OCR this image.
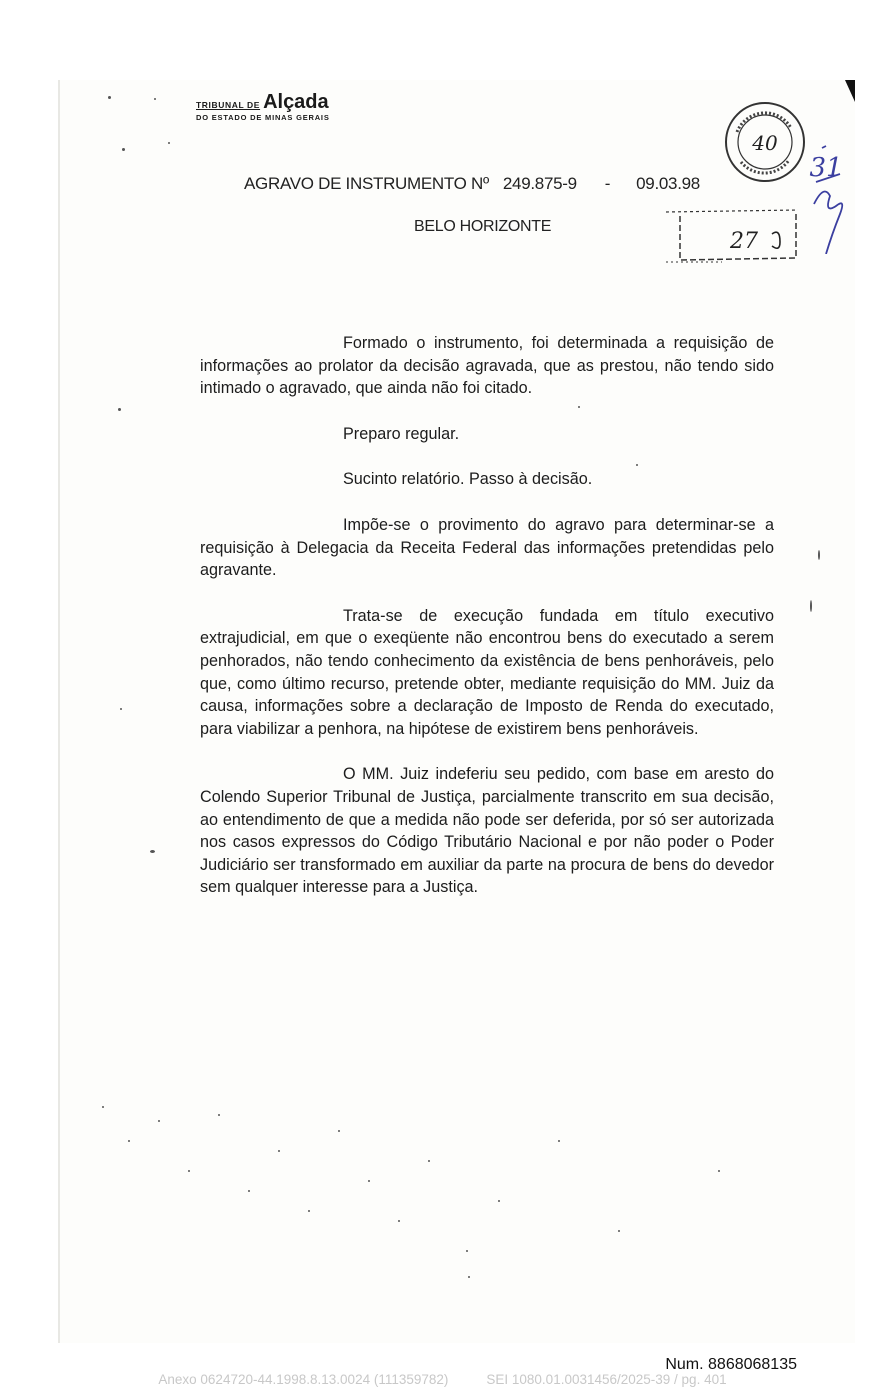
TRIBUNAL DE Alçada
DO ESTADO DE MINAS GERAIS
40
27
31
AGRAVO DE INSTRUMENTO Nº 249.875-9 - 09.03.98
BELO HORIZONTE

Formado o instrumento, foi determinada a requisição de informações ao prolator da decisão agravada, que as prestou, não tendo sido intimado o agravado, que ainda não foi citado.

Preparo regular.

Sucinto relatório. Passo à decisão.

Impõe-se o provimento do agravo para determinar-se a requisição à Delegacia da Receita Federal das informações pretendidas pelo agravante.

Trata-se de execução fundada em título executivo extrajudicial, em que o exeqüente não encontrou bens do executado a serem penhorados, não tendo conhecimento da existência de bens penhoráveis, pelo que, como último recurso, pretende obter, mediante requisição do MM. Juiz da causa, informações sobre a declaração de Imposto de Renda do executado, para viabilizar a penhora, na hipótese de existirem bens penhoráveis.

O MM. Juiz indeferiu seu pedido, com base em aresto do Colendo Superior Tribunal de Justiça, parcialmente transcrito em sua decisão, ao entendimento de que a medida não pode ser deferida, por só ser autorizada nos casos expressos do Código Tributário Nacional e por não poder o Poder Judiciário ser transformado em auxiliar da parte na procura de bens do devedor sem qualquer interesse para a Justiça.

Num. 8868068135
Anexo 0624720-44.1998.8.13.0024 (111359782)	SEI 1080.01.0031456/2025-39 / pg. 401
